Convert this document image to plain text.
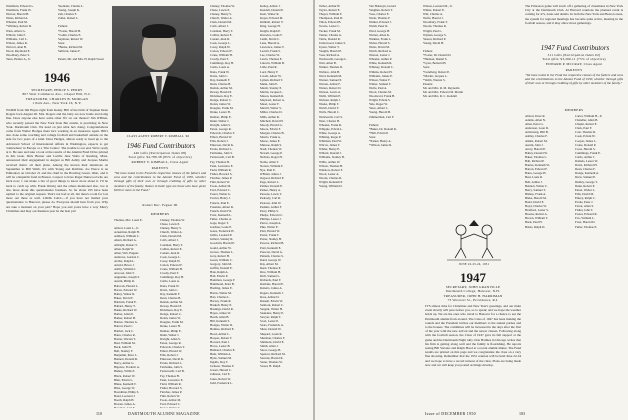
Washburn, Edward G.
Washburn, Frank W.
Weaver, Harold H.
Weiss, Richard A.
Wheeler, Paul M.
*Whitney, Robert D.
Wien, Albert G.
Willard, John F.
Williams, Carl L.
Wilson, James R.
Wolcott, Alan B.
Wood, Raymond E.
Woodbury, Peter S.
Yates, Homer A., Jr.
Yeomans, Charles L.
Young, Joseph K.
Zeh, Charles F.
Zoller, Robert L.
Fathers:
*Foster, Harold B.
*Lamb, Charles E.
Seymour, Robert W.
Sons:
*Burke, Richard M.
Sullivan, James F.
Parent, Mr. and Mrs. H. Ralph Sweet
1946
SECRETARY, PHILIP S. PERRY
807 West Commerce Ave., Chapel Hill, N.C.
TREASURER, CHARLES B. MORGAN
1 Park Ave., New York 16, N.Y.
WORD from Jim Hayes right from Kenny Hill of the birth of Stephen Dean Rogers born August 26. Mrs. Rogers and the baby are now home and doing fine. Does anyone else have some other 'ifs' on our theater? Jim O'Brien, who recently passed the New York State Bar exams, is practising in New York. Dartmouth Club. We need on just what he's doing. Congratulations come from Walter Hodges there he's working in an insurance agent. Bill's also done some coaching and college football and basketball outside on the side for two years of a kind. Dave Hedges, almost ready to head up to the Advanced School of International Affairs in Washington, expects to get 'somewhere' in Europe or a 'War Centre'. The trouble is our end. We're ready at it. Be sure and take a look at the results of the Alumni Fund Drive printed in this issue. Dick Burner and Lucille Jane Watts of Reading, Mass. announced their engagement in August as Bill Ashby and Jacques Martin received theirs: all their plans. Among the known their intentions on September to Bill Webb. It's with Young and Robbins. Joe Pierce is an Edmonton on October 21 and the chief in the Bowling Green. Ohio, and it will be a Republic fund in Boston. I expect to have Roger Dunwood who are back now; I can make a list of good things to know more about it. I'll be back to catch up with. Frank Ottwig and the others mentioned also. Joe is also more about this questionnaire business. So far about 195 have been replied to the original request. That's not bad at all, but there's room for lots more out there as well. LOOK CALL—if you have not mailed your questionnaire to Hanover, please do. Everyone should hear from you. Why not take a moment on your part? Hope you and yours have a very Merry Christmas and may our Reunion year be the best yet!
CLASS AGENT ROBERT V. KIMBALL '46
1946 Fund Contributors
440 Gifts (Participation Index 68)
Total gifts: $4,789.38 (85% of objective)
ROBERT V. KIMBALL, Class Agent
PARENTS
"We have noted in the Fund the respective classes of the fathers and sons and the contributions to the Alumni Fund of 1950, whether through gifts of their own or through crediting of gifts by other members of the family. Names in italic type are those who have given $100 or more to the Fund."
Robert Dec. Feguer III
MEMBERS
Thomas, Mrs. Louis E.
Abbott, Louis L., Jr.
Ackerman, Ralph H.
Addison, William C.
Ahern, Richard A.
Albright, Robert T.
Allen, Ralph W.
Allen, Wm. Eugene
Andrews, Gordon C.
Archer, Ralph L.
Arnold, Bruce J.
Ashby, William J.
Atwood, John T.
Augustine, Joseph S.
Austin, Philip R.
Babcock, Harold L.
Bacon, Edward W.
Bailey, Walter R.
Baker, David F.
Baldwin, Frank E.
Ballard, Henry T.
Banks, Richard W.
Barber, Allan P.
Barker, Robert B.
Barnes, Thomas G.
Barrett, Paul C.
Bartlett, Jack C.
Bates, Charles R.
Baxter, Warren T.
Beal, William M.
Beck, John H.
Bell, Stanley F.
Benjamin, Peter L.
Bennett, Donald R.
Berry, Arthur G.
Bigelow, Frederic A.
Bishop, Willis E.
Black, Robert W.
Blair, Edwin L.
Blake, Kenneth T.
Bliss, George W.
Boardman, Philip S.
Bond, Leonard J.
Booth, Ralph H.
Bowen, James A.
Chaney, Thomas W.
Chase, Lewis P.
Cheney, Henry S.
Church, Walter A.
Clark, Donald M.
Cobb, Albert J.
Coleman, Harry T.
Collins, Robert E.
Conant, Alan R.
Cook, George L.
Corey, Ralph W.
Cotton, Edward F.
Crane, William H.
Crosby, Paul T.
Cummings, Roy H.
Curtis, Louis A.
Dana, Frank W.
Davis, John C.
Day, Kenneth F.
Dean, Charles B.
Dennis, Arthur M.
Dewey, Harold P.
Dickinson, Ray E.
Dodge, Robert C.
Dolan, James W.
Douglas, Frank M.
Drake, Lester H.
Dunbar, Philip E.
Dunn, Walter J.
Dwight, Allen S.
Eaton, George R.
Edwards, Charles T.
Elliott, Harold W.
Ellis, Robert J.
Emerson, David K.
Evans, Richard L.
Fairbanks, John S.
Farnsworth, Carl B.
Fay, Thomas H.
Fenn, Lawrence E.
Field, William R.
Fisher, Howard S.
Fletcher, James P.
Flint, Robert W.
Foote, Arthur M.
Ford, Edward C.
Chaney, Thomas W.
Chase, Lewis P.
Cheney, Henry S.
Church, Walter A.
Clark, Donald M.
Cobb, Albert J.
Coleman, Harry T.
Collins, Robert E.
Conant, Alan R.
Cook, George L.
Corey, Ralph W.
Cotton, Edward F.
Crane, William H.
Crosby, Paul T.
Cummings, Roy H.
Curtis, Louis A.
Dana, Frank W.
Davis, John C.
Day, Kenneth F.
Dean, Charles B.
Dennis, Arthur M.
Dewey, Harold P.
Dickinson, Ray E.
Dodge, Robert C.
Dolan, James W.
Douglas, Frank M.
Drake, Lester H.
Dunbar, Philip E.
Dunn, Walter J.
Dwight, Allen S.
Eaton, George R.
Edwards, Charles T.
Elliott, Harold W.
Ellis, Robert J.
Emerson, David K.
Evans, Richard L.
Fairbanks, John S.
Farnsworth, Carl B.
Fay, Thomas H.
Fenn, Lawrence E.
Field, William R.
Fisher, Howard S.
Fletcher, James P.
Flint, Robert W.
Foote, Arthur M.
Ford, Edward C.
Foster, Walter G.
Fowler, Henry J.
Francis, Paul E.
Freeman, Albert R.
French, David W.
Frost, Kenneth L.
Fuller, Charles A.
Gage, Roger T.
Gardner, Louis E.
Gates, Frederick H.
Gibbs, Leonard P.
Gilbert, Stanley R.
Goodwin, Harold E.
Gould, Arthur W.
Graves, Thomas L.
Gray, Robert H.
Green, William C.
Gregory, John M.
Griffin, Donald E.
Hale, Ralph A.
Hall, Edwin P.
Hamilton, George F.
Hammond, Peter B.
Harding, James E.
Harris, Walter M.
Hart, Charles L.
Harvey, Frank R.
Haskell, Henry P.
Hastings, David R.
Hayes, James W.
Heath, Allen B.
Hill, Kenneth S.
Hodges, Walter D.
Holmes, Richard E.
Hood, Arthur L.
Hooper, Robert T.
Howard, Paul J.
Howe, Lester B.
Hubbard, Charles E.
Hunt, William A.
Hyde, Samuel M.
Ingalls, Roy T.
Jackson, Thomas F.
Jewett, Harold C.
Johnson, Carl E.
Jones, Robert W.
Judd, Frederick L.
Kelley, Arthur J.
Kendall, Donald P.
Kent, Walter R.
Keyes, Edward M.
Kimball, Robert V.
King, George H.
Knight, Ralph E.
Knowles, Louis F.
Lamb, David C.
Lane, Harold A.
Lawrence, James T.
Leavitt, Frank S.
Lee, Charles W.
Lewis, Thomas E.
Lincoln, William B.
Little, Paul R.
Lord, Henry F.
Lovell, Albert W.
Lyman, Richard T.
Mann, John E.
Marsh, Stanley P.
Martin, Jacques L.
Mason, Kenneth R.
Maynard, Robert A.
Mead, Lester F.
Merrill, Walter S.
Miller, Charles D.
Mills, Arthur R.
Mitchell, David H.
Moody, Harold G.
Moore, Edwin F.
Morgan, Charles B.
Morris, Frank A.
Morse, James E.
Munroe, Ralph S.
Nash, Thomas W.
Newell, George P.
Nichols, Roger H.
Noble, Allen T.
Norton, William F.
Nye, Paul E.
O'Brien, James J.
Osgood, Richard P.
Page, Robert L.
Palmer, Donald E.
Parker, Henry A.
Parsons, Lewis T.
Peabody, Carl R.
Pearson, John W.
Perkins, Arthur F.
Perry, Philip S.
Phelps, Edward C.
Phillips, Lester J.
Pierce, Joseph A.
Pike, Walter E.
Platt, Harold W.
Porter, Frank T.
Potter, Stanley H.
Powers, Richard B.
Pratt, Kenneth E.
Prescott, David A.
Putnam, Charles S.
Rand, George W.
Ray, Albert M.
Reed, Thomas P.
Rice, William H.
Rich, Samuel L.
Richards, Paul F.
Robbins, Harold E.
Roberts, James A.
Rogers, Kenneth J.
Ross, Arthur D.
Russell, Edwin W.
Sanborn, Robert C.
Sargent, Walter H.
Saunders, Henry E.
Sawyer, Ralph T.
Scott, Lester P.
Sears, Frederick A.
Shaw, Donald W.
Shepard, Louis R.
Sherman, Charles F.
Simmons, David E.
Smith, Allen J.
Snow, George B.
Spencer, Richard M.
Stevens, Harold R.
Stone, Thomas W.
Sweet, H. Ralph
110	DARTMOUTH ALUMNI MAGAZINE
Talbot, Arthur H.
Taylor, Robert E.
Thayer, William F.
Thompson, Paul D.
Tilton, Edward B.
Towne, Lester C.
Tucker, Frank M.
Turner, Charles A.
Tuttle, Donald R.
Underwood, James S.
Upton, Walter T.
Vaughn, Harold E.
Vose, Richard A.
Wadsworth, George L.
Wait, Allen B.
Walker, Thomas R.
Wallace, John H.
Ward, Kenneth M.
Warner, Samuel P.
Warren, Arthur F.
Waters, Robert D.
Watson, Lewis A.
Webb, William E.
Webster, Ralph J.
Weeks, Philip T.
Welch, David F.
Wells, Harold C.
Wentworth, Carl S.
West, Charles H.
Wheeler, Frank R.
Whipple, Edwin L.
White, George A.
Whiting, Roger P.
Whitman, Paul W.
Wilcox, James T.
Wilder, Henry E.
Willard, Donald J.
Williams, Stanley B.
Willis, Arthur W.
Wilson, Thomas H.
Winslow, Robert F.
Wood, Lester A.
Woods, Charles R.
Wright, Kenneth P.
Young, William D.
Van Holsteyn, Gerard
Vaughan, Robert T.
Vose, Charles E.
Wade, Thomas F.
Walker, Edward J.
Walsh, Peter R.
Ward, George H.
Warner, Allen K.
Watkins, Frank L.
Weber, Harold S.
Weiss, David M.
Welch, Richard A.
Weston, Lester J.
Wheeler, Arthur P.
White, Kenneth R.
Whitney, Donald C.
Wilkins, Robert H.
Williams, James E.
Wilson, Walter F.
Winter, Samuel T.
Wolfe, Paul A.
Wood, Charles M.
Woodward, Frank H.
Wright, Edwin S.
Yale, Roger W.
Yates, Albert L.
Young, Harold B.
Zimmerman, Carl F.
Fathers:
*Baker, Dr. Donald R.
*Hall, Edwin P.
Sons:
*Parker, Henry A.
*Wilson, James R.
Wilson, Leonard M., Jr.
Winter, Robert E.
Witt, Charles A.
Wolfe, Harold J.
Woodbury, Frank T.
Woods, Thomas R.
Wright, Paul L.
Wyman, George S.
Yeaton, Richard P.
Young, David H.
Fathers:
*Foster, Dr. Donald D.
*Hudson, Daniel S.
*Lyon, Bernard H.
Sons:
*Lundberg, Robert E.
*Martin, Jacques L.
*Webb, Warren S.
Parents:
Mr. and Mrs. R. M. Reynolds
Mr. and Mrs. Edward M. Martin
Mr. and Mrs. R. C. Kendall
JUNE 22-23-24, 1951
1947
SECRETARY, JOHN GRANVILLE
Dartmouth College, Hanover, N.H.
TREASURER, JOHN H. HARRIMAN
73 Westcott St., Providence, R.I.
IT'S almost time for Christmas and New Year's greetings, and our main event shortly will pass before you, so to speak; and we hope the weather holds up. We are the ones who travel to Hanover for a chance to see the Dartmouth alumni from around. The Class of 1947 has been making the rounds and the President invites our members to the annual parties and to the houses. The committee will be increased in the days after the first of the year with the new arrival and the newer classes. Following along with the football season, the Class of 1947 gave its full support at the game and the Dartmouth Night rally. Don Holmes in Chicago writes that his firm is getting along well and the family is flourishing. He reports seeing Bill Stevens and Ralph Hood at a recent alumni dinner. The Fund results are printed on this page and we congratulate the class on a very fine showing. Remember that the 1951 reunion will be held June 22-24 and we hope to have a record turnout of the class. Plans are being made now and we will keep you posted as things develop.
The Princeton game will touch off a gathering of classmates in New York City at the Dartmouth Club. At Harvard reunions the planned event is coming for 47s, dates and details. In both the New York and Boston areas, the system for regional meetings has become quite active, meeting in the football season, and it may allow more gatherings.
1947 Fund Contributors
311 Gifts (Participation Index 62)
Total gifts: $3,266.11 (75% of objective)
EDWARD P. MCCRAY, Class Agent
PARENTS
"We have noted in the Fund the respective classes of the fathers and sons and the contributions to the Alumni Fund of 1950, whether through gifts of their own or through crediting of gifts by other members of the family."
MEMBERS
Abbott, Dave R.
Adams, Allen N.
Allen, Peter G.
Anderson, Leon D.
Armstrong, Phil B.
Ashley, Charles F.
Atkins, Robert M.
Austin, John J.
Avery, Harold E.
Bailey, Donald W.
Baker, Thomas L.
Ball, Richard P.
Barnes, Kenneth W.
Barton, Edward F.
Bates, George H.
Beal, Louis R.
Bell, Arthur J.
Bennett, Walter C.
Berry, Samuel T.
Bishop, Frank A.
Blake, Harold M.
Bond, David E.
Boyd, Charles W.
Bradford, Lester S.
Brooks, Robert A.
Brown, William T.
Buck, Paul H.
Burns, Ralph D.
Carter, William H., Jr.
Chandler, Allen B.
Chapin, Robert E.
Clark, Paul F.
Cole, Thomas R.
Cook, Edwin W.
Cooper, James L.
Crane, Donald P.
Cross, Harold S.
Cummings, Frank E.
Curtis, Arthur J.
Daniels, Lester W.
Davis, Richard H.
Dean, Charles F.
Dodge, Kenneth A.
Drew, Samuel E.
Dudley, George T.
Dunn, Robert P.
Eaton, Walter L.
Ellis, David M.
Emery, Ralph C.
Evans, Peter J.
Farrar, Allen S.
Fisher, John T.
Foster, Edward R.
Fox, William L.
Frost, Harold D.
Fuller, Thomas E.
Issue of DECEMBER 1950	103
